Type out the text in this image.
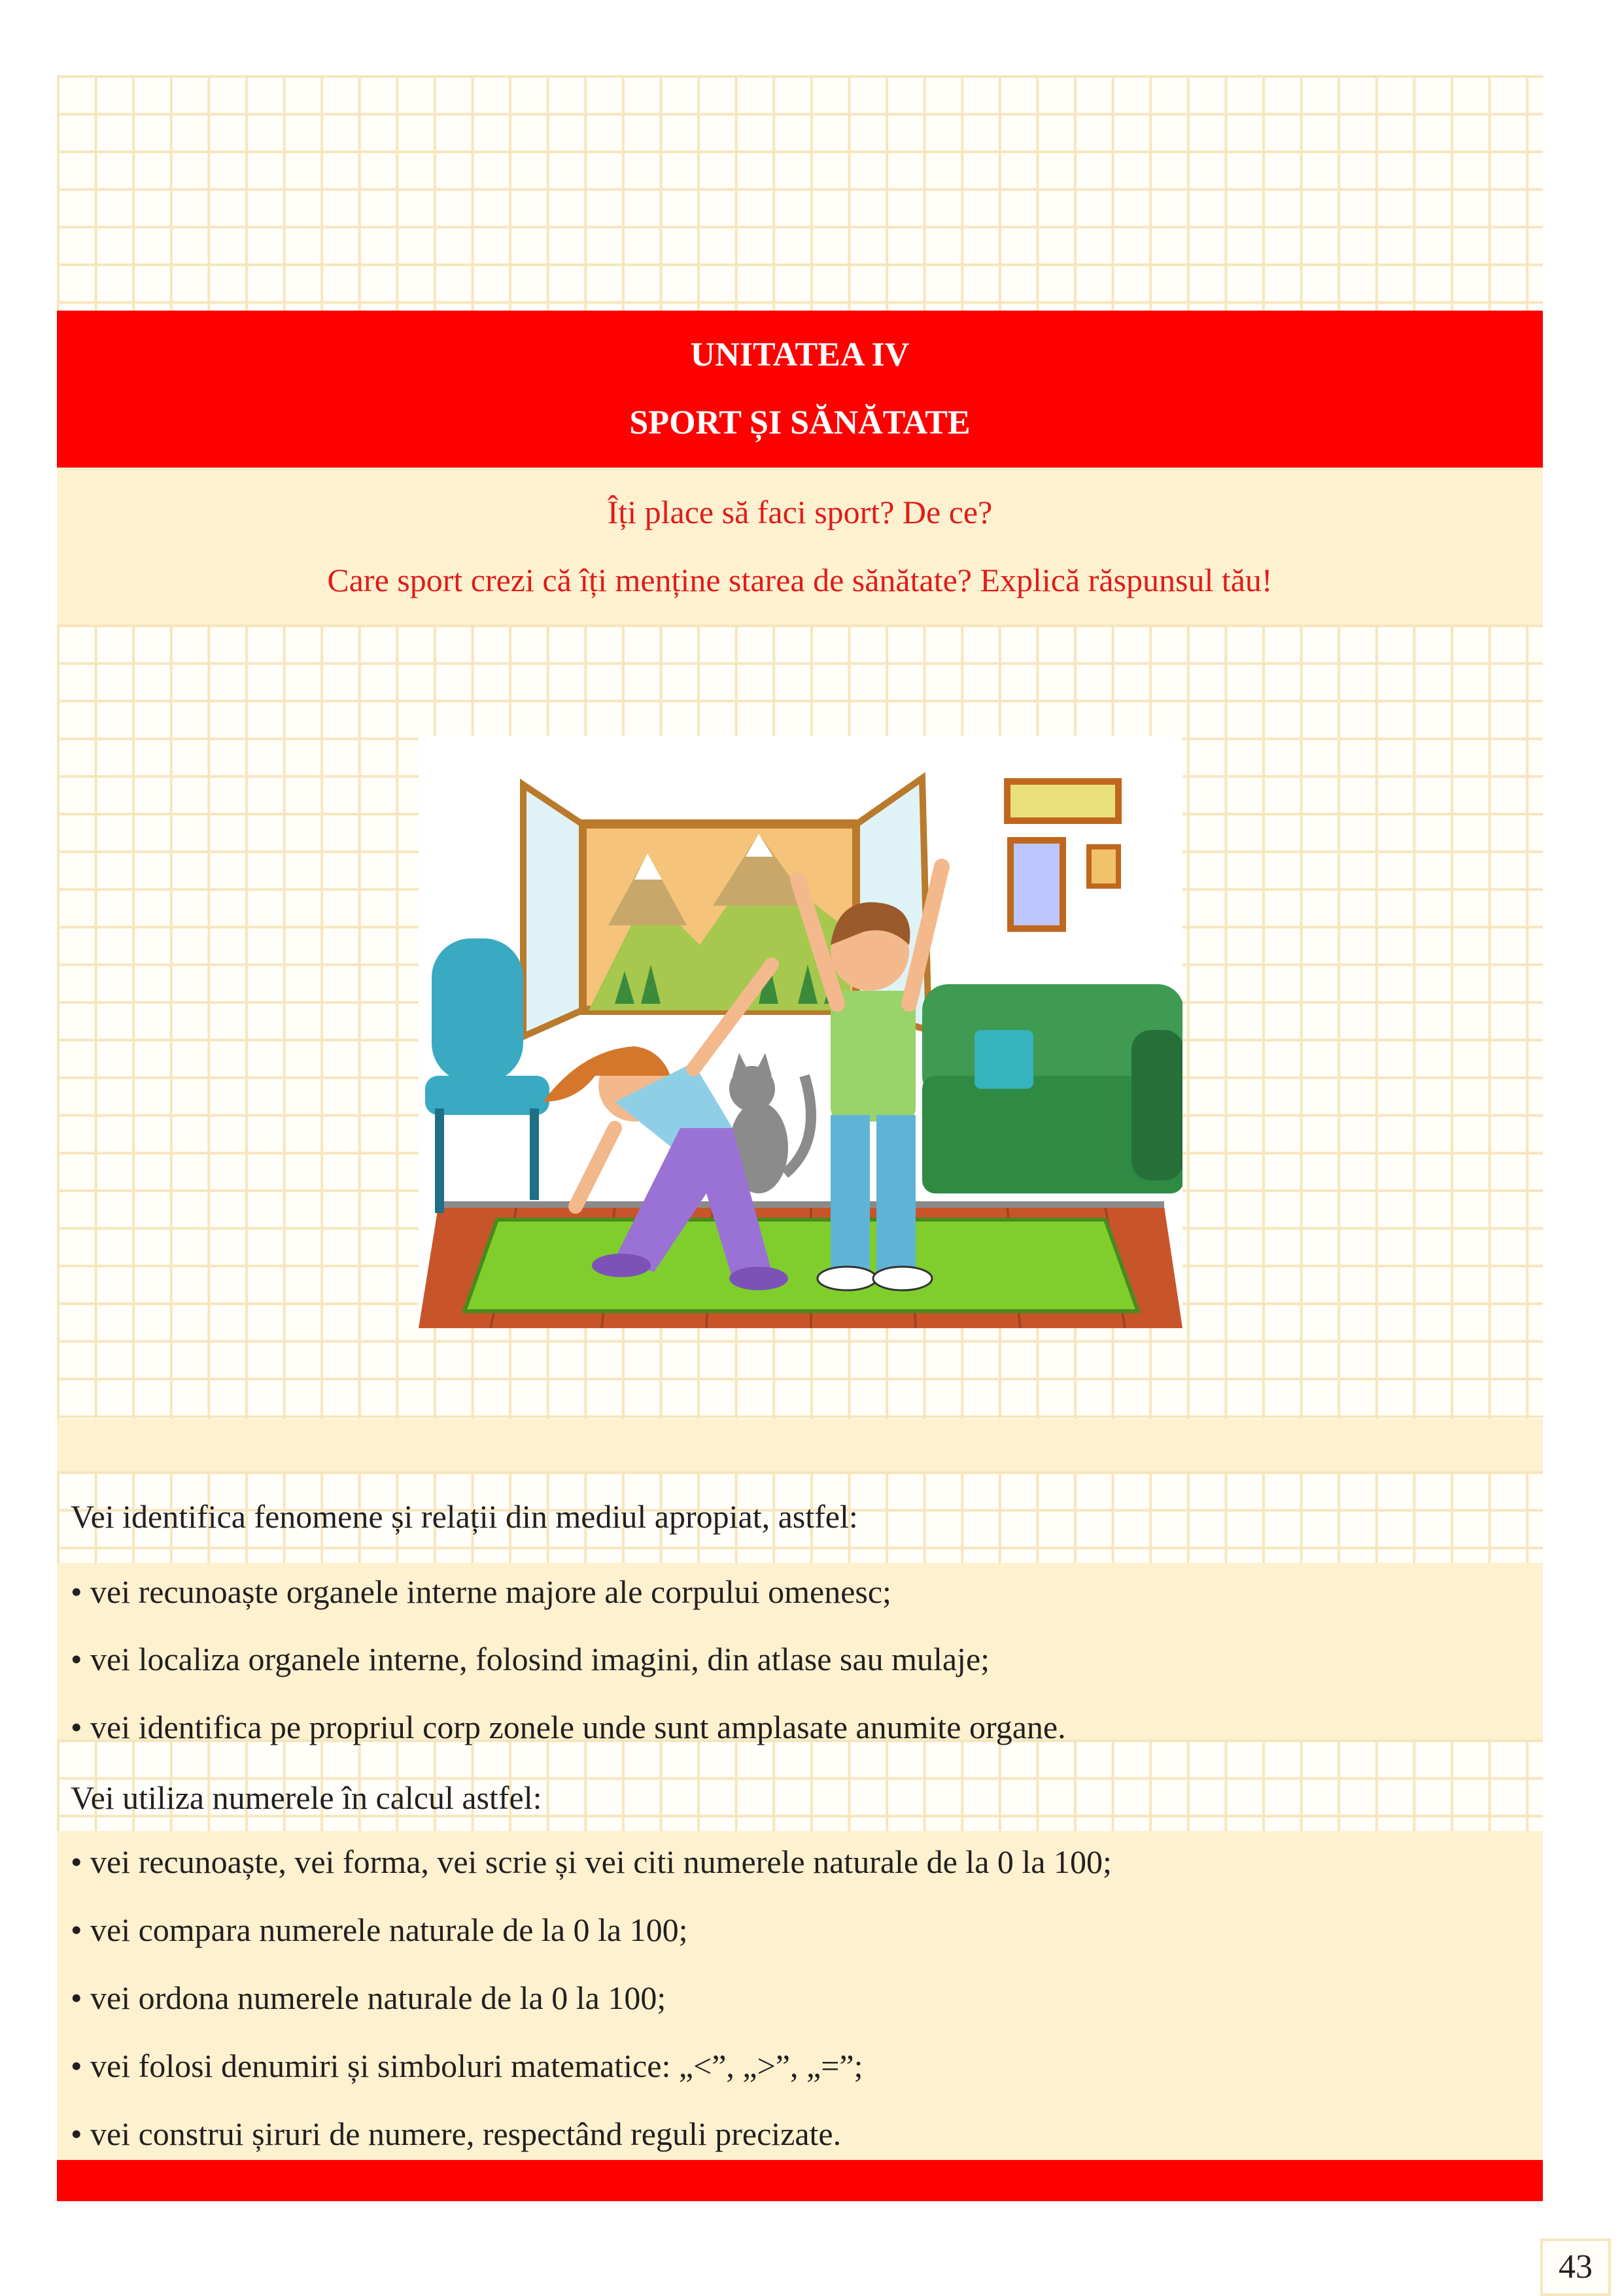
UNITATEA IV
SPORT ȘI SĂNĂTATE
Îți place să faci sport? De ce?
Care sport crezi că îți menține starea de sănătate? Explică răspunsul tău!
Vei identifica fenomene și relații din mediul apropiat, astfel:
• vei recunoaște organele interne majore ale corpului omenesc;
• vei localiza organele interne, folosind imagini, din atlase sau mulaje;
• vei identifica pe propriul corp zonele unde sunt amplasate anumite organe.
Vei utiliza numerele în calcul astfel:
• vei recunoaște, vei forma, vei scrie și vei citi numerele naturale de la 0 la 100;
• vei compara numerele naturale de la 0 la 100;
• vei ordona numerele naturale de la 0 la 100;
• vei folosi denumiri și simboluri matematice: „<”, „>”, „=”;
• vei construi șiruri de numere, respectând reguli precizate.
43
